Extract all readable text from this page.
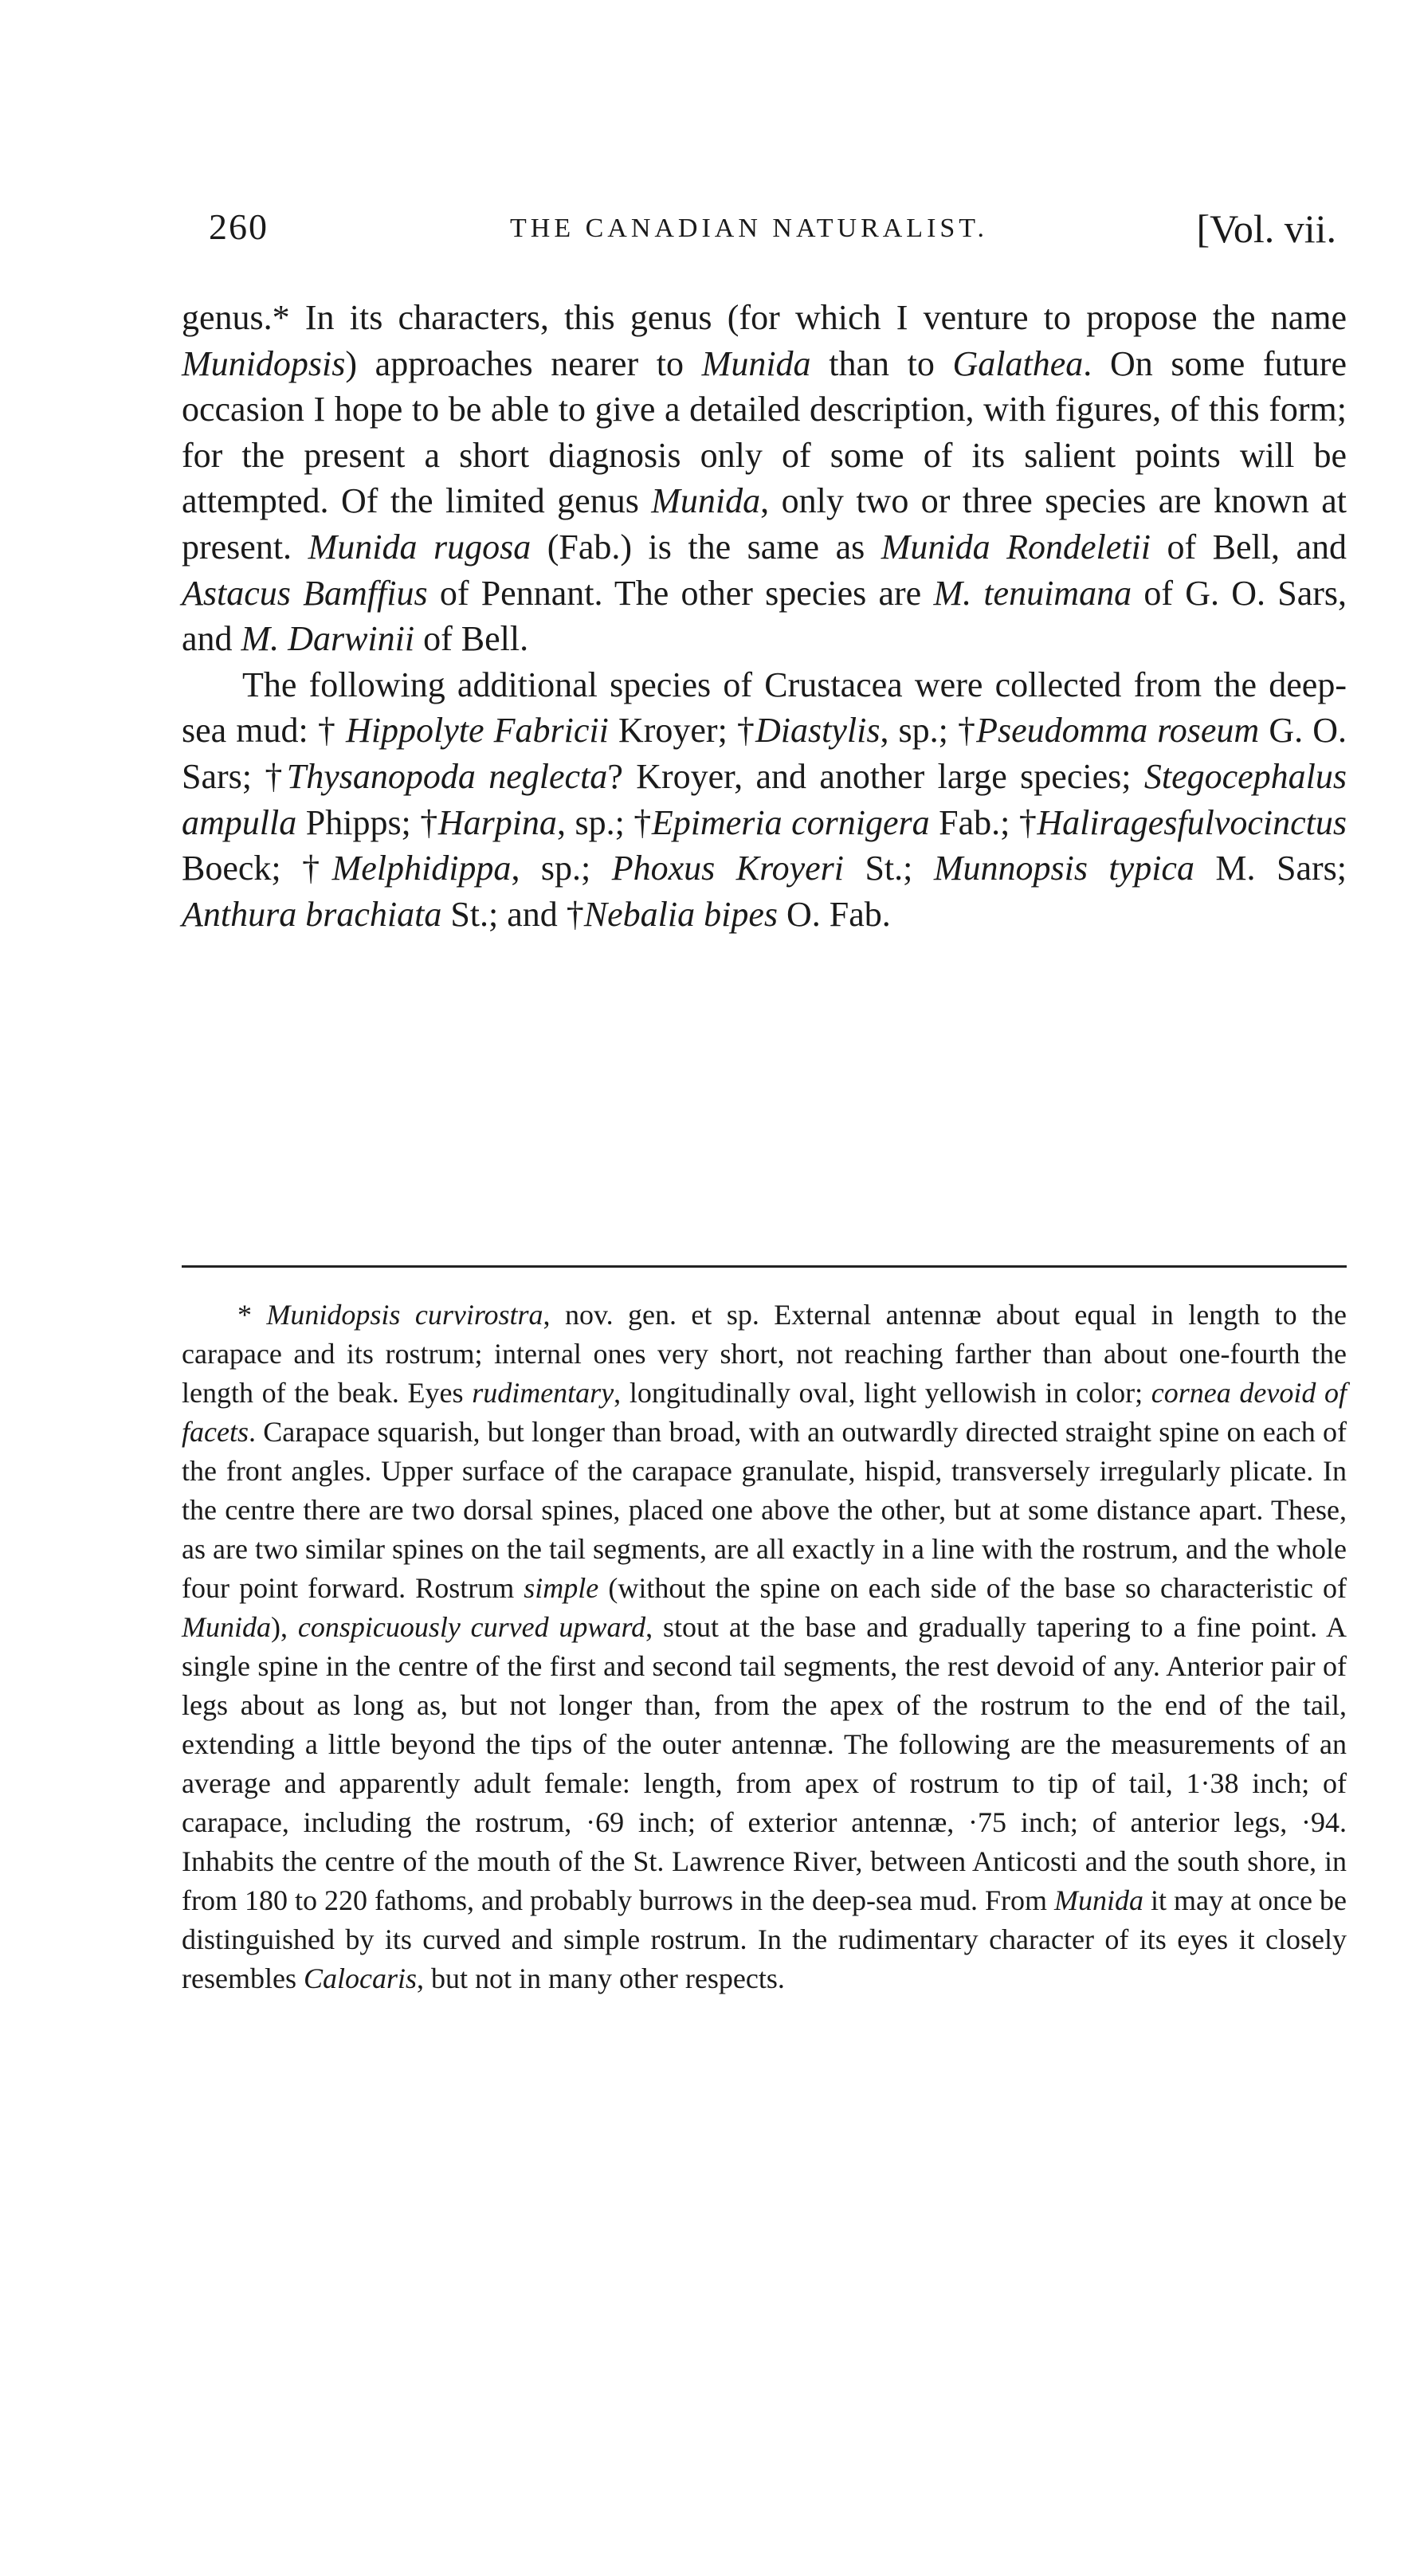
260	THE CANADIAN NATURALIST.	[Vol. vii.

genus.* In its characters, this genus (for which I venture to propose the name Munidopsis) approaches nearer to Munida than to Galathea. On some future occasion I hope to be able to give a detailed description, with figures, of this form; for the present a short diagnosis only of some of its salient points will be attempted. Of the limited genus Munida, only two or three species are known at present. Munida rugosa (Fab.) is the same as Munida Rondeletii of Bell, and Astacus Bamffius of Pennant. The other species are M. tenuimana of G. O. Sars, and M. Darwinii of Bell.

The following additional species of Crustacea were collected from the deep-sea mud: † Hippolyte Fabricii Kroyer; †Diastylis, sp.; †Pseudomma roseum G. O. Sars; †Thysanopoda neglecta? Kroyer, and another large species; Stegocephalus ampulla Phipps; †Harpina, sp.; †Epimeria cornigera Fab.; †Haliragesfulvocinctus Boeck; †Melphidippa, sp.; Phoxus Kroyeri St.; Munnopsis typica M. Sars; Anthura brachiata St.; and †Nebalia bipes O. Fab.

* Munidopsis curvirostra, nov. gen. et sp. External antennæ about equal in length to the carapace and its rostrum; internal ones very short, not reaching farther than about one-fourth the length of the beak. Eyes rudimentary, longitudinally oval, light yellowish in color; cornea devoid of facets. Carapace squarish, but longer than broad, with an outwardly directed straight spine on each of the front angles. Upper surface of the carapace granulate, hispid, transversely irregularly plicate. In the centre there are two dorsal spines, placed one above the other, but at some distance apart. These, as are two similar spines on the tail segments, are all exactly in a line with the rostrum, and the whole four point forward. Rostrum simple (without the spine on each side of the base so characteristic of Munida), conspicuously curved upward, stout at the base and gradually tapering to a fine point. A single spine in the centre of the first and second tail segments, the rest devoid of any. Anterior pair of legs about as long as, but not longer than, from the apex of the rostrum to the end of the tail, extending a little beyond the tips of the outer antennæ. The following are the measurements of an average and apparently adult female: length, from apex of rostrum to tip of tail, 1·38 inch; of carapace, including the rostrum, ·69 inch; of exterior antennæ, ·75 inch; of anterior legs, ·94. Inhabits the centre of the mouth of the St. Lawrence River, between Anticosti and the south shore, in from 180 to 220 fathoms, and probably burrows in the deep-sea mud. From Munida it may at once be distinguished by its curved and simple rostrum. In the rudimentary character of its eyes it closely resembles Calocaris, but not in many other respects.
